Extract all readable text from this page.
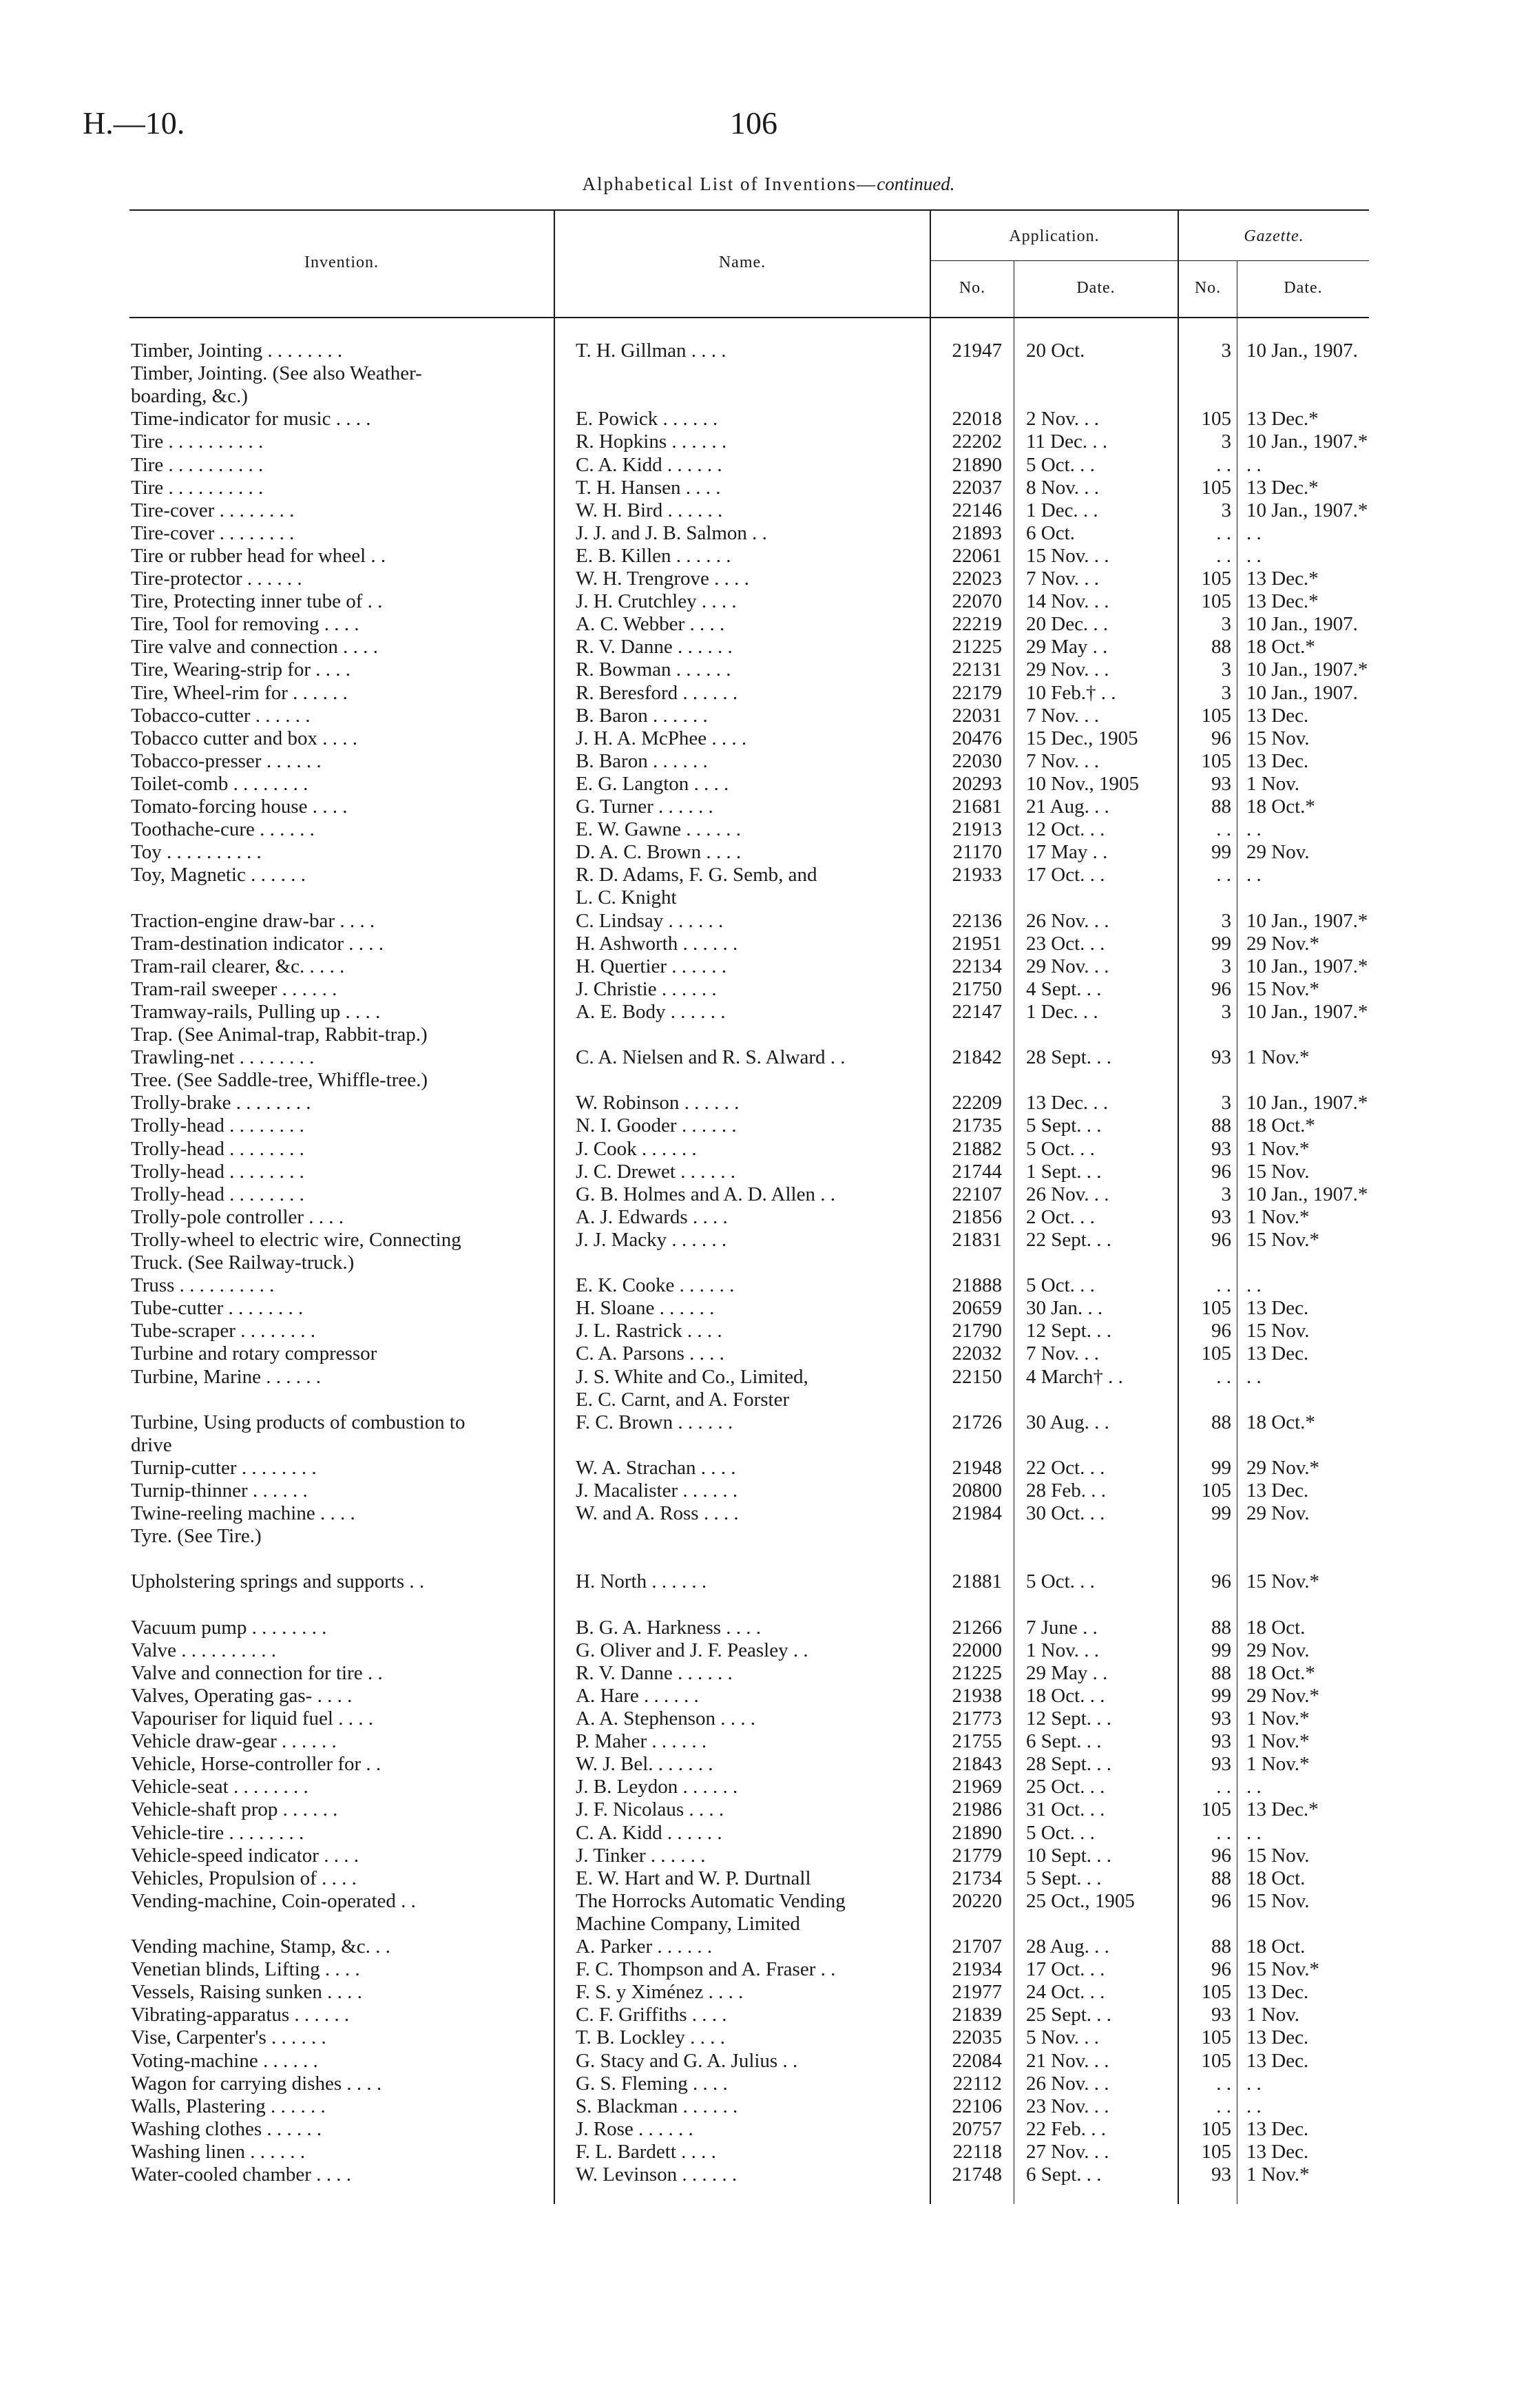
H.—10.	106
Alphabetical List of Inventions—continued.
Invention.	Name.
Application.
No.	Date.
Gazette.
No.	Date.
Timber, Jointing . . . . . . . .	T. H. Gillman . . . .	21947 20 Oct.	3 10 Jan., 1907.
Timber, Jointing. (See also Weather-
boarding, &c.)
Time-indicator for music . . . .	E. Powick . . . . . .	22018 2 Nov. . .	105 13 Dec.*
Tire . . . . . . . . . .	R. Hopkins . . . . . .	22202 11 Dec. . .	3 10 Jan., 1907.*
Tire . . . . . . . . . .	C. A. Kidd . . . . . .	21890 5 Oct. . .	. . . .
Tire . . . . . . . . . .	T. H. Hansen . . . .	22037 8 Nov. . .	105 13 Dec.*
Tire-cover . . . . . . . .	W. H. Bird . . . . . .	22146 1 Dec. . .	3 10 Jan., 1907.*
Tire-cover . . . . . . . .	J. J. and J. B. Salmon . .	21893 6 Oct.	. . . .
Tire or rubber head for wheel . .	E. B. Killen . . . . . .	22061 15 Nov. . .	. . . .
Tire-protector . . . . . .	W. H. Trengrove . . . .	22023 7 Nov. . .	105 13 Dec.*
Tire, Protecting inner tube of . .	J. H. Crutchley . . . .	22070 14 Nov. . .	105 13 Dec.*
Tire, Tool for removing . . . .	A. C. Webber . . . .	22219 20 Dec. . .	3 10 Jan., 1907.
Tire valve and connection . . . .	R. V. Danne . . . . . .	21225 29 May . .	88 18 Oct.*
Tire, Wearing-strip for . . . .	R. Bowman . . . . . .	22131 29 Nov. . .	3 10 Jan., 1907.*
Tire, Wheel-rim for . . . . . .	R. Beresford . . . . . .	22179 10 Feb.† . .	3 10 Jan., 1907.
Tobacco-cutter . . . . . .	B. Baron . . . . . .	22031 7 Nov. . .	105 13 Dec.
Tobacco cutter and box . . . .	J. H. A. McPhee . . . .	20476 15 Dec., 1905	96 15 Nov.
Tobacco-presser . . . . . .	B. Baron . . . . . .	22030 7 Nov. . .	105 13 Dec.
Toilet-comb . . . . . . . .	E. G. Langton . . . .	20293 10 Nov., 1905	93 1 Nov.
Tomato-forcing house . . . .	G. Turner . . . . . .	21681 21 Aug. . .	88 18 Oct.*
Toothache-cure . . . . . .	E. W. Gawne . . . . . .	21913 12 Oct. . .	. . . .
Toy . . . . . . . . . .	D. A. C. Brown . . . .	21170 17 May . .	99 29 Nov.
Toy, Magnetic . . . . . .	R. D. Adams, F. G. Semb, and	21933 17 Oct. . .	. . . .
L. C. Knight
Traction-engine draw-bar . . . .	C. Lindsay . . . . . .	22136 26 Nov. . .	3 10 Jan., 1907.*
Tram-destination indicator . . . .	H. Ashworth . . . . . .	21951 23 Oct. . .	99 29 Nov.*
Tram-rail clearer, &c. . . . .	H. Quertier . . . . . .	22134 29 Nov. . .	3 10 Jan., 1907.*
Tram-rail sweeper . . . . . .	J. Christie . . . . . .	21750 4 Sept. . .	96 15 Nov.*
Tramway-rails, Pulling up . . . .	A. E. Body . . . . . .	22147 1 Dec. . .	3 10 Jan., 1907.*
Trap. (See Animal-trap, Rabbit-trap.)
Trawling-net . . . . . . . .	C. A. Nielsen and R. S. Alward . .	21842 28 Sept. . .	93 1 Nov.*
Tree. (See Saddle-tree, Whiffle-tree.)
Trolly-brake . . . . . . . .	W. Robinson . . . . . .	22209 13 Dec. . .	3 10 Jan., 1907.*
Trolly-head . . . . . . . .	N. I. Gooder . . . . . .	21735 5 Sept. . .	88 18 Oct.*
Trolly-head . . . . . . . .	J. Cook . . . . . .	21882 5 Oct. . .	93 1 Nov.*
Trolly-head . . . . . . . .	J. C. Drewet . . . . . .	21744 1 Sept. . .	96 15 Nov.
Trolly-head . . . . . . . .	G. B. Holmes and A. D. Allen . .	22107 26 Nov. . .	3 10 Jan., 1907.*
Trolly-pole controller . . . .	A. J. Edwards . . . .	21856 2 Oct. . .	93 1 Nov.*
Trolly-wheel to electric wire, Connecting	J. J. Macky . . . . . .	21831 22 Sept. . .	96 15 Nov.*
Truck. (See Railway-truck.)
Truss . . . . . . . . . .	E. K. Cooke . . . . . .	21888 5 Oct. . .	. . . .
Tube-cutter . . . . . . . .	H. Sloane . . . . . .	20659 30 Jan. . .	105 13 Dec.
Tube-scraper . . . . . . . .	J. L. Rastrick . . . .	21790 12 Sept. . .	96 15 Nov.
Turbine and rotary compressor	C. A. Parsons . . . .	22032 7 Nov. . .	105 13 Dec.
Turbine, Marine . . . . . .	J. S. White and Co., Limited,	22150 4 March† . .	. . . .
E. C. Carnt, and A. Forster
Turbine, Using products of combustion to	F. C. Brown . . . . . .	21726 30 Aug. . .	88 18 Oct.*
drive
Turnip-cutter . . . . . . . .	W. A. Strachan . . . .	21948 22 Oct. . .	99 29 Nov.*
Turnip-thinner . . . . . .	J. Macalister . . . . . .	20800 28 Feb. . .	105 13 Dec.
Twine-reeling machine . . . .	W. and A. Ross . . . .	21984 30 Oct. . .	99 29 Nov.
Tyre. (See Tire.)
Upholstering springs and supports . .	H. North . . . . . .	21881 5 Oct. . .	96 15 Nov.*
Vacuum pump . . . . . . . .	B. G. A. Harkness . . . .	21266 7 June . .	88 18 Oct.
Valve . . . . . . . . . .	G. Oliver and J. F. Peasley . .	22000 1 Nov. . .	99 29 Nov.
Valve and connection for tire . .	R. V. Danne . . . . . .	21225 29 May . .	88 18 Oct.*
Valves, Operating gas- . . . .	A. Hare . . . . . .	21938 18 Oct. . .	99 29 Nov.*
Vapouriser for liquid fuel . . . .	A. A. Stephenson . . . .	21773 12 Sept. . .	93 1 Nov.*
Vehicle draw-gear . . . . . .	P. Maher . . . . . .	21755 6 Sept. . .	93 1 Nov.*
Vehicle, Horse-controller for . .	W. J. Bel. . . . . . .	21843 28 Sept. . .	93 1 Nov.*
Vehicle-seat . . . . . . . .	J. B. Leydon . . . . . .	21969 25 Oct. . .	. . . .
Vehicle-shaft prop . . . . . .	J. F. Nicolaus . . . .	21986 31 Oct. . .	105 13 Dec.*
Vehicle-tire . . . . . . . .	C. A. Kidd . . . . . .	21890 5 Oct. . .	. . . .
Vehicle-speed indicator . . . .	J. Tinker . . . . . .	21779 10 Sept. . .	96 15 Nov.
Vehicles, Propulsion of . . . .	E. W. Hart and W. P. Durtnall	21734 5 Sept. . .	88 18 Oct.
Vending-machine, Coin-operated . .	The Horrocks Automatic Vending	20220 25 Oct., 1905	96 15 Nov.
Machine Company, Limited
Vending machine, Stamp, &c. . .	A. Parker . . . . . .	21707 28 Aug. . .	88 18 Oct.
Venetian blinds, Lifting . . . .	F. C. Thompson and A. Fraser . .	21934 17 Oct. . .	96 15 Nov.*
Vessels, Raising sunken . . . .	F. S. y Ximénez . . . .	21977 24 Oct. . .	105 13 Dec.
Vibrating-apparatus . . . . . .	C. F. Griffiths . . . .	21839 25 Sept. . .	93 1 Nov.
Vise, Carpenter's . . . . . .	T. B. Lockley . . . .	22035 5 Nov. . .	105 13 Dec.
Voting-machine . . . . . .	G. Stacy and G. A. Julius . .	22084 21 Nov. . .	105 13 Dec.
Wagon for carrying dishes . . . .	G. S. Fleming . . . .	22112 26 Nov. . .	. . . .
Walls, Plastering . . . . . .	S. Blackman . . . . . .	22106 23 Nov. . .	. . . .
Washing clothes . . . . . .	J. Rose . . . . . .	20757 22 Feb. . .	105 13 Dec.
Washing linen . . . . . .	F. L. Bardett . . . .	22118 27 Nov. . .	105 13 Dec.
Water-cooled chamber . . . .	W. Levinson . . . . . .	21748 6 Sept. . .	93 1 Nov.*
